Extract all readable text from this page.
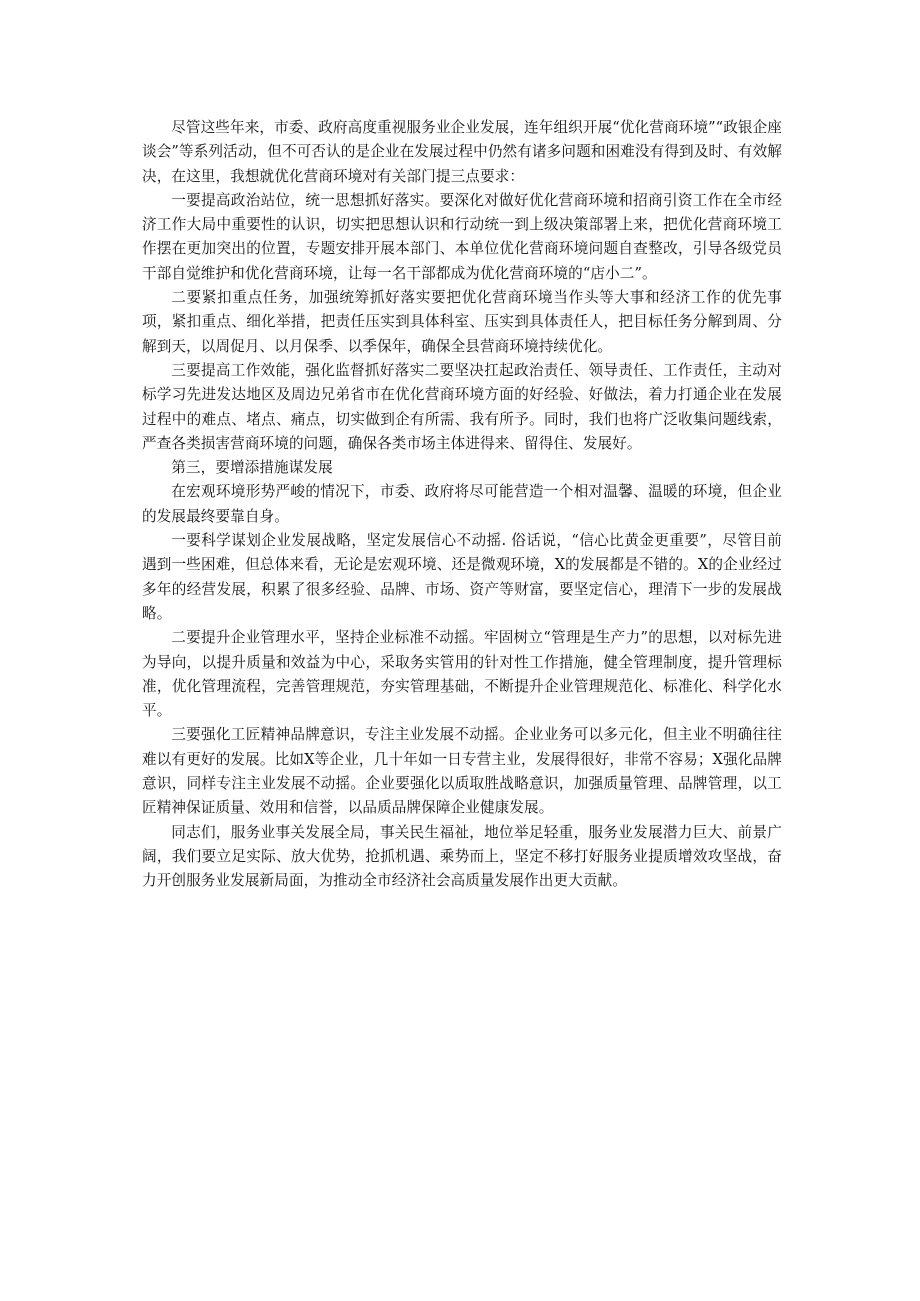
尽管这些年来，市委、政府高度重视服务业企业发展，连年组织开展“优化营商环境”“政银企座谈会”等系列活动，但不可否认的是企业在发展过程中仍然有诸多问题和困难没有得到及时、有效解决，在这里，我想就优化营商环境对有关部门提三点要求：

一要提高政治站位，统一思想抓好落实。要深化对做好优化营商环境和招商引资工作在全市经济工作大局中重要性的认识，切实把思想认识和行动统一到上级决策部署上来，把优化营商环境工作摆在更加突出的位置，专题安排开展本部门、本单位优化营商环境问题自查整改，引导各级党员干部自觉维护和优化营商环境，让每一名干部都成为优化营商环境的“店小二”。

二要紧扣重点任务，加强统筹抓好落实要把优化营商环境当作头等大事和经济工作的优先事项，紧扣重点、细化举措，把责任压实到具体科室、压实到具体责任人，把目标任务分解到周、分解到天，以周促月、以月保季、以季保年，确保全县营商环境持续优化。

三要提高工作效能，强化监督抓好落实二要坚决扛起政治责任、领导责任、工作责任，主动对标学习先进发达地区及周边兄弟省市在优化营商环境方面的好经验、好做法，着力打通企业在发展过程中的难点、堵点、痛点，切实做到企有所需、我有所予。同时，我们也将广泛收集问题线索，严查各类损害营商环境的问题，确保各类市场主体进得来、留得住、发展好。

第三，要增添措施谋发展

在宏观环境形势严峻的情况下，市委、政府将尽可能营造一个相对温馨、温暖的环境，但企业的发展最终要靠自身。

一要科学谋划企业发展战略，坚定发展信心不动摇. 俗话说，“信心比黄金更重要”，尽管目前遇到一些困难，但总体来看，无论是宏观环境、还是微观环境，X的发展都是不错的。X的企业经过多年的经营发展，积累了很多经验、品牌、市场、资产等财富，要坚定信心，理清下一步的发展战略。

二要提升企业管理水平，坚持企业标准不动摇。牢固树立“管理是生产力”的思想，以对标先进为导向，以提升质量和效益为中心，采取务实管用的针对性工作措施，健全管理制度，提升管理标准，优化管理流程，完善管理规范，夯实管理基础，不断提升企业管理规范化、标准化、科学化水平。

三要强化工匠精神品牌意识，专注主业发展不动摇。企业业务可以多元化，但主业不明确往往难以有更好的发展。比如X等企业，几十年如一日专营主业，发展得很好，非常不容易；X强化品牌意识，同样专注主业发展不动摇。企业要强化以质取胜战略意识，加强质量管理、品牌管理，以工匠精神保证质量、效用和信誉，以品质品牌保障企业健康发展。

同志们，服务业事关发展全局，事关民生福祉，地位举足轻重，服务业发展潜力巨大、前景广阔，我们要立足实际、放大优势，抢抓机遇、乘势而上，坚定不移打好服务业提质增效攻坚战，奋力开创服务业发展新局面，为推动全市经济社会高质量发展作出更大贡献。
